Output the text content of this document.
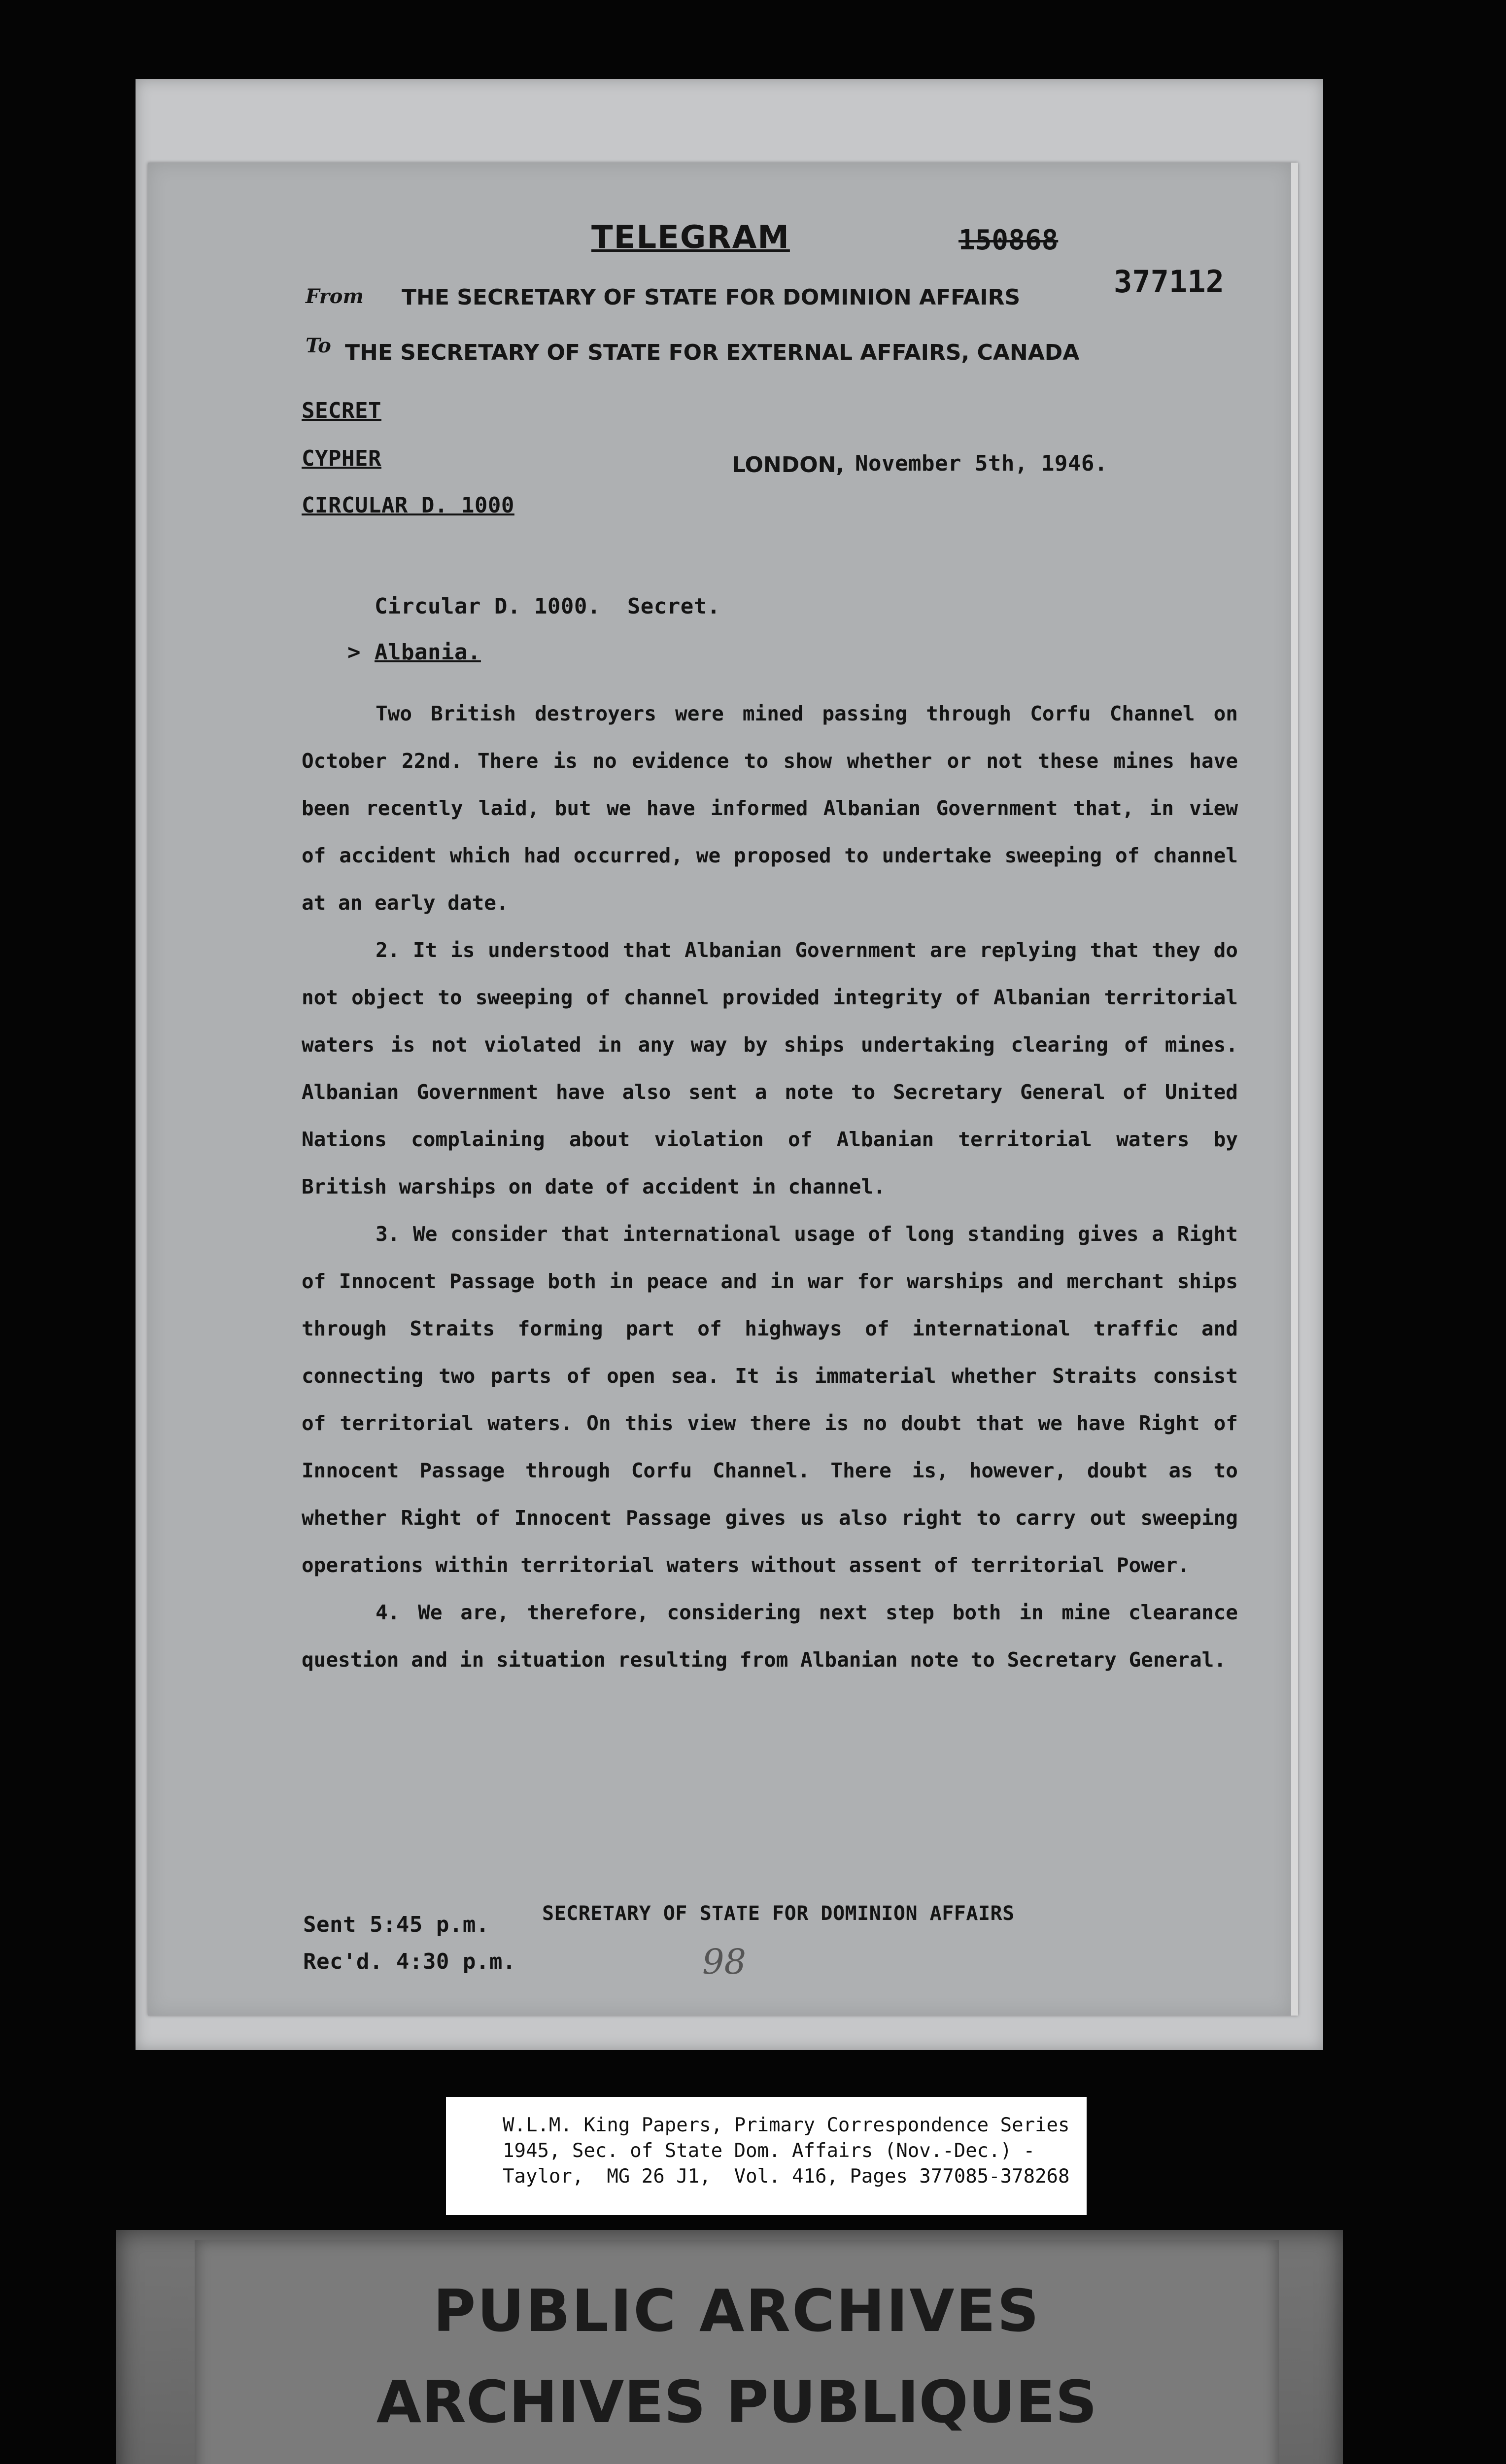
TELEGRAM	150868
377112
From THE SECRETARY OF STATE FOR DOMINION AFFAIRS
To THE SECRETARY OF STATE FOR EXTERNAL AFFAIRS, CANADA
SECRET
CYPHER
CIRCULAR D. 1000
LONDON, November 5th, 1946.
Circular D. 1000.  Secret.
> Albania.

Two British destroyers were mined passing through Corfu Channel on October 22nd. There is no evidence to show whether or not these mines have been recently laid, but we have informed Albanian Government that, in view of accident which had occurred, we proposed to undertake sweeping of channel at an early date.

2. It is understood that Albanian Government are replying that they do not object to sweeping of channel provided integrity of Albanian territorial waters is not violated in any way by ships undertaking clearing of mines. Albanian Government have also sent a note to Secretary General of United Nations complaining about violation of Albanian territorial waters by British warships on date of accident in channel.

3. We consider that international usage of long standing gives a Right of Innocent Passage both in peace and in war for warships and merchant ships through Straits forming part of highways of international traffic and connecting two parts of open sea. It is immaterial whether Straits consist of territorial waters. On this view there is no doubt that we have Right of Innocent Passage through Corfu Channel. There is, however, doubt as to whether Right of Innocent Passage gives us also right to carry out sweeping operations within territorial waters without assent of territorial Power.

4. We are, therefore, considering next step both in mine clearance question and in situation resulting from Albanian note to Secretary General.

Sent 5:45 p.m.
Rec'd. 4:30 p.m.
SECRETARY OF STATE FOR DOMINION AFFAIRS
98
W.L.M. King Papers, Primary Correspondence Series
1945, Sec. of State Dom. Affairs (Nov.-Dec.) -
Taylor,  MG 26 J1,  Vol. 416, Pages 377085-378268
PUBLIC ARCHIVES
ARCHIVES PUBLIQUES
